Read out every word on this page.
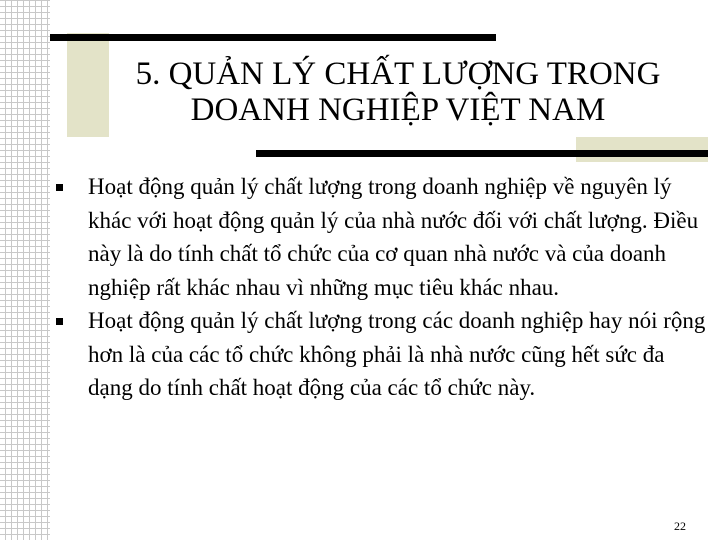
5. QUẢN LÝ CHẤT LƯỢNG TRONG DOANH NGHIỆP VIỆT NAM
Hoạt động quản lý chất lượng trong doanh nghiệp về nguyên lý khác với hoạt động quản lý của nhà nước đối với chất lượng. Điều này là do tính chất tổ chức của cơ quan nhà nước và của doanh nghiệp rất khác nhau vì những mục tiêu khác nhau.
Hoạt động quản lý chất lượng trong các doanh nghiệp hay nói rộng hơn là của các tổ chức không phải là nhà nước cũng hết sức đa dạng do tính chất hoạt động của các tổ chức này.
22
